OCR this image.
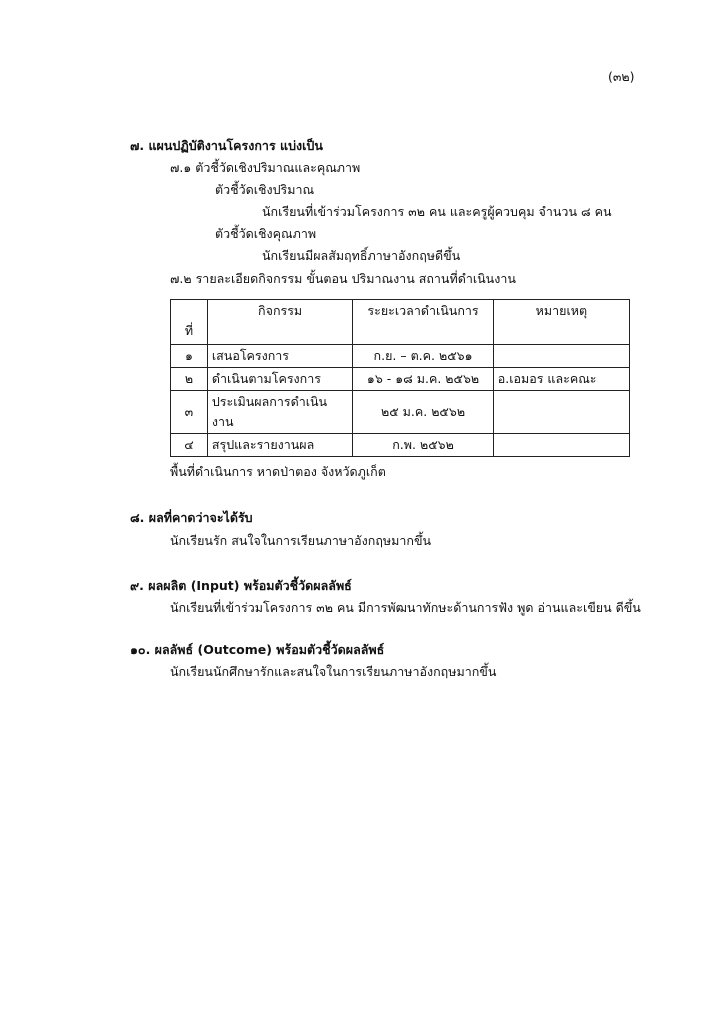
(๓๒)
๗. แผนปฏิบัติงานโครงการ แบ่งเป็น
๗.๑ ตัวชี้วัดเชิงปริมาณและคุณภาพ
ตัวชี้วัดเชิงปริมาณ
นักเรียนที่เข้าร่วมโครงการ ๓๒ คน และครูผู้ควบคุม จำนวน ๘ คน
ตัวชี้วัดเชิงคุณภาพ
นักเรียนมีผลสัมฤทธิ์ภาษาอังกฤษดีขึ้น
๗.๒ รายละเอียดกิจกรรม ขั้นตอน ปริมาณงาน สถานที่ดำเนินงาน
ที่	กิจกรรม	ระยะเวลาดำเนินการ	หมายเหตุ
๑	เสนอโครงการ	ก.ย. – ต.ค. ๒๕๖๑	
๒	ดำเนินตามโครงการ	๑๖ - ๑๘ ม.ค. ๒๕๖๒	อ.เอมอร และคณะ
๓	ประเมินผลการดำเนินงาน	๒๕ ม.ค. ๒๕๖๒	
๔	สรุปและรายงานผล	ก.พ. ๒๕๖๒	
พื้นที่ดำเนินการ หาดป่าตอง จังหวัดภูเก็ต
๘. ผลที่คาดว่าจะได้รับ
นักเรียนรัก สนใจในการเรียนภาษาอังกฤษมากขึ้น
๙. ผลผลิต (Input) พร้อมตัวชี้วัดผลลัพธ์
นักเรียนที่เข้าร่วมโครงการ ๓๒ คน มีการพัฒนาทักษะด้านการฟัง พูด อ่านและเขียน ดีขึ้น
๑๐. ผลลัพธ์ (Outcome) พร้อมตัวชี้วัดผลลัพธ์
นักเรียนนักศึกษารักและสนใจในการเรียนภาษาอังกฤษมากขึ้น
